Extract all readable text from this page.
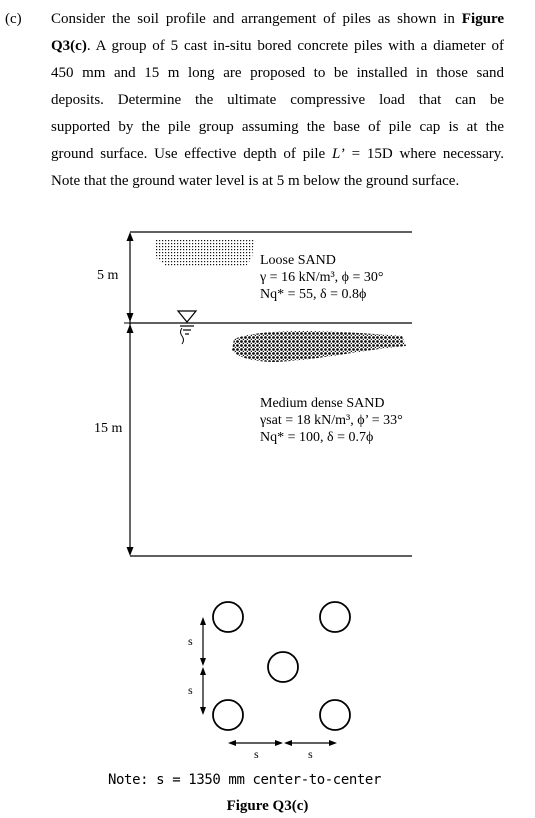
(c) Consider the soil profile and arrangement of piles as shown in Figure
Q3(c). A group of 5 cast in-situ bored concrete piles with a diameter of
450 mm and 15 m long are proposed to be installed in those sand
deposits. Determine the ultimate compressive load that can be
supported by the pile group assuming the base of pile cap is at the
ground surface. Use effective depth of pile L’ = 15D where necessary.
Note that the ground water level is at 5 m below the ground surface.
5 m
15 m
Loose SAND
γ = 16 kN/m³, ϕ = 30°
Nq* = 55, δ = 0.8ϕ
Medium dense SAND
γsat = 18 kN/m³, ϕ’ = 33°
Nq* = 100, δ = 0.7ϕ
s
s
s	s
Note: s = 1350 mm center-to-center
Figure Q3(c)
